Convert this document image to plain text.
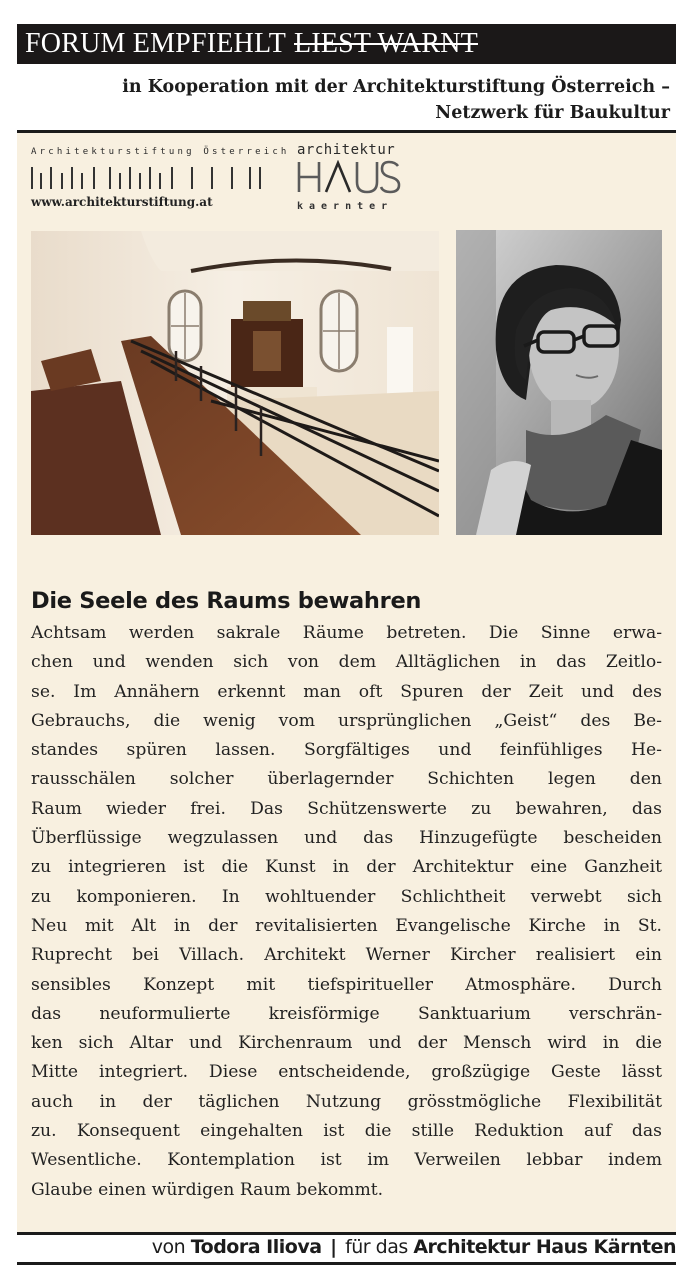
FORUM EMPFIEHLT LIEST WARNT
in Kooperation mit der Architekturstiftung Österreich –
Netzwerk für Baukultur
Architekturstiftung Österreich
www.architekturstiftung.at
architektur
kaernter
Die Seele des Raums bewahren
Achtsam werden sakrale Räume betreten. Die Sinne erwa-
chen und wenden sich von dem Alltäglichen in das Zeitlo-
se. Im Annähern erkennt man oft Spuren der Zeit und des
Gebrauchs, die wenig vom ursprünglichen „Geist“ des Be-
standes spüren lassen. Sorgfältiges und feinfühliges He-
rausschälen solcher überlagernder Schichten legen den
Raum wieder frei. Das Schützenswerte zu bewahren, das
Überflüssige wegzulassen und das Hinzugefügte bescheiden
zu integrieren ist die Kunst in der Architektur eine Ganzheit
zu komponieren. In wohltuender Schlichtheit verwebt sich
Neu mit Alt in der revitalisierten Evangelische Kirche in St.
Ruprecht bei Villach. Architekt Werner Kircher realisiert ein
sensibles Konzept mit tiefspiritueller Atmosphäre. Durch
das neuformulierte kreisförmige Sanktuarium verschrän-
ken sich Altar und Kirchenraum und der Mensch wird in die
Mitte integriert. Diese entscheidende, großzügige Geste lässt
auch in der täglichen Nutzung grösstmögliche Flexibilität
zu. Konsequent eingehalten ist die stille Reduktion auf das
Wesentliche. Kontemplation ist im Verweilen lebbar indem
Glaube einen würdigen Raum bekommt.
von Todora Iliova | für das Architektur Haus Kärnten
